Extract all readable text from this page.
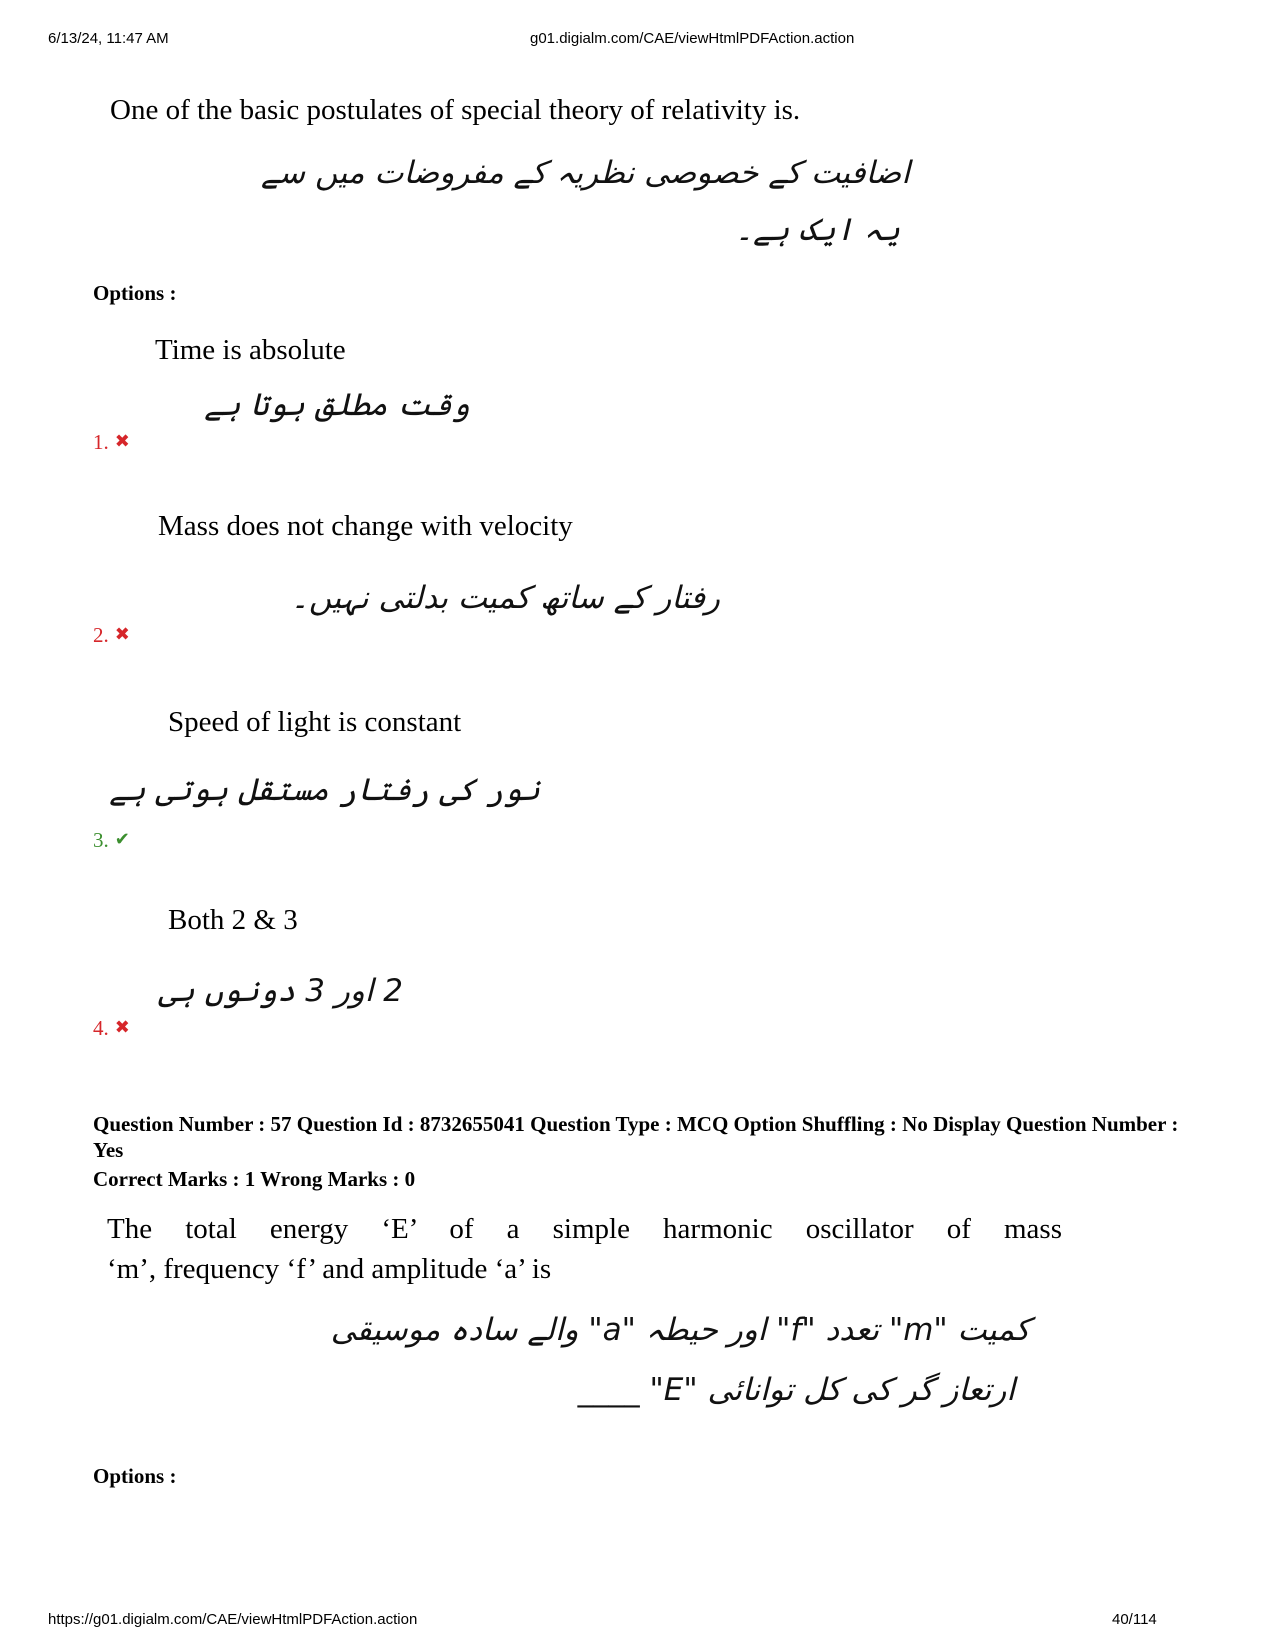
6/13/24, 11:47 AM	g01.digialm.com/CAE/viewHtmlPDFAction.action
One of the basic postulates of special theory of relativity is.
اضافیت کے خصوصی نظریہ کے مفروضات میں سے
یہ ایک ہے۔
Options :
Time is absolute
وقت مطلق ہوتا ہے
1. ✖
Mass does not change with velocity
رفتار کے ساتھ کمیت بدلتی نہیں۔
2. ✖
Speed of light is constant
نور کی رفتار مستقل ہوتی ہے
3. ✔
Both 2 & 3
2 اور 3 دونوں ہی
4. ✖
Question Number : 57 Question Id : 8732655041 Question Type : MCQ Option Shuffling : No Display Question Number : Yes
Correct Marks : 1 Wrong Marks : 0
The total energy ‘E’ of a simple harmonic oscillator of mass
‘m’, frequency ‘f’ and amplitude ‘a’ is
کمیت "m" تعدد "f" اور حیطہ "a" والے سادہ موسیقی
ارتعاز گر کی کل توانائی "E" ____
Options :
https://g01.digialm.com/CAE/viewHtmlPDFAction.action	40/114
